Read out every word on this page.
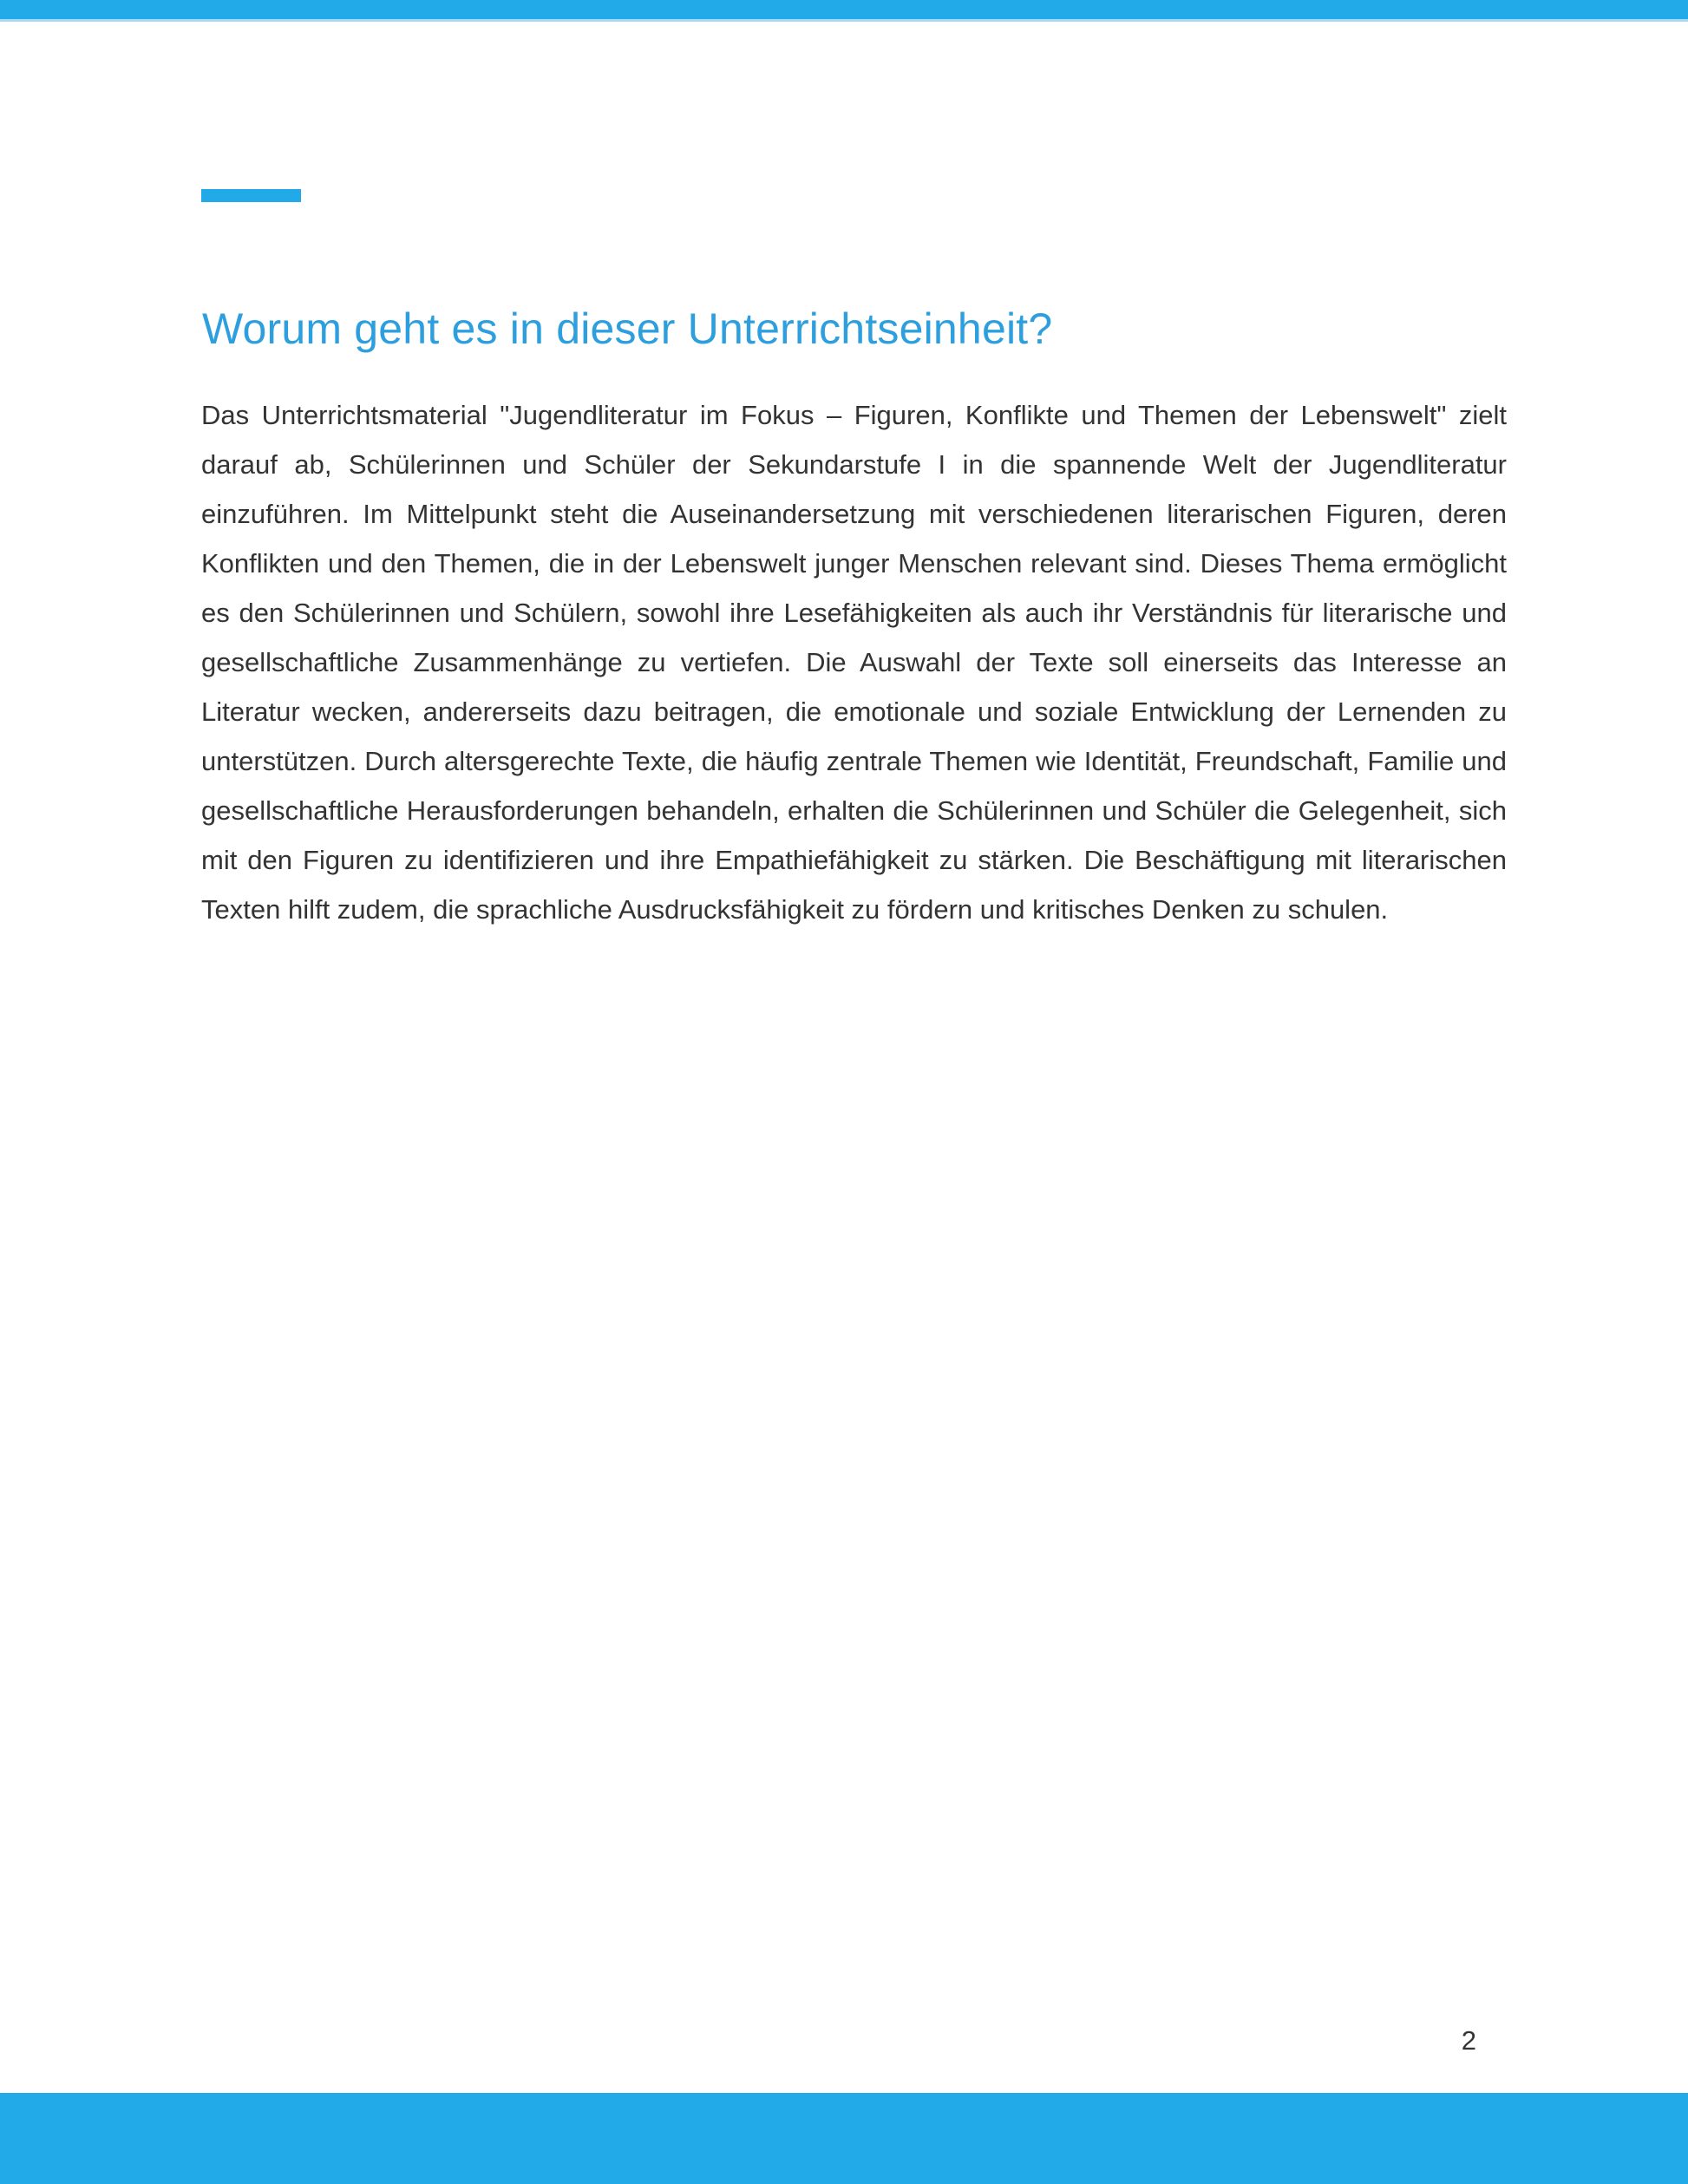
Worum geht es in dieser Unterrichtseinheit?

Das Unterrichtsmaterial "Jugendliteratur im Fokus – Figuren, Konflikte und Themen der Lebenswelt" zielt darauf ab, Schülerinnen und Schüler der Sekundarstufe I in die spannende Welt der Jugendliteratur einzuführen. Im Mittelpunkt steht die Auseinandersetzung mit verschiedenen literarischen Figuren, deren Konflikten und den Themen, die in der Lebenswelt junger Menschen relevant sind. Dieses Thema ermöglicht es den Schülerinnen und Schülern, sowohl ihre Lesefähigkeiten als auch ihr Verständnis für literarische und gesellschaftliche Zusammenhänge zu vertiefen. Die Auswahl der Texte soll einerseits das Interesse an Literatur wecken, andererseits dazu beitragen, die emotionale und soziale Entwicklung der Lernenden zu unterstützen. Durch altersgerechte Texte, die häufig zentrale Themen wie Identität, Freundschaft, Familie und gesellschaftliche Herausforderungen behandeln, erhalten die Schülerinnen und Schüler die Gelegenheit, sich mit den Figuren zu identifizieren und ihre Empathiefähigkeit zu stärken. Die Beschäftigung mit literarischen Texten hilft zudem, die sprachliche Ausdrucksfähigkeit zu fördern und kritisches Denken zu schulen.

2
